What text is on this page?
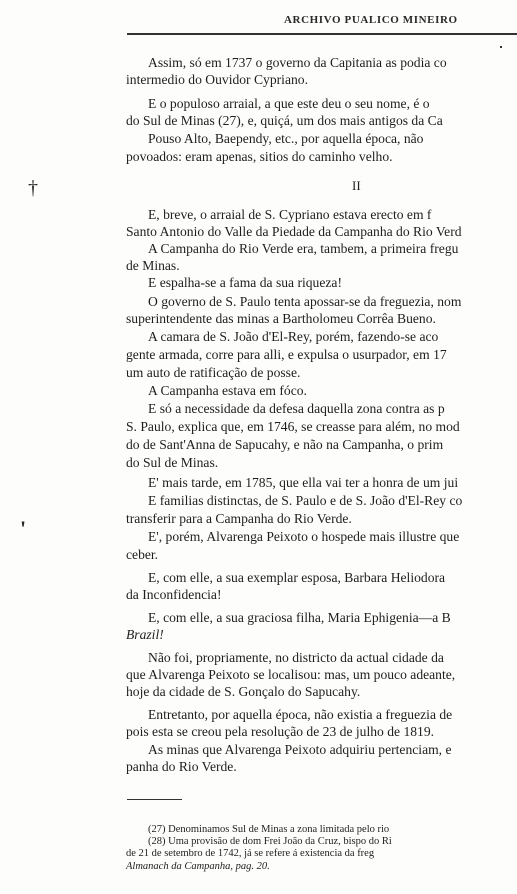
ARCHIVO PUALICO MINEIRO
†
'
Assim, só em 1737 o governo da Capitania as podia co
intermedio do Ouvidor Cypriano.
E o populoso arraial, a que este deu o seu nome, é o
do Sul de Minas (27), e, quiçá, um dos mais antigos da Ca
Pouso Alto, Baependy, etc., por aquella época, não
povoados: eram apenas, sitios do caminho velho.
II
E, breve, o arraial de S. Cypriano estava erecto em f
Santo Antonio do Valle da Piedade da Campanha do Rio Verd
A Campanha do Rio Verde era, tambem, a primeira fregu
de Minas.
E espalha-se a fama da sua riqueza!
O governo de S. Paulo tenta apossar-se da freguezia, nom
superintendente das minas a Bartholomeu Corrêa Bueno.
A camara de S. João d'El-Rey, porém, fazendo-se aco
gente armada, corre para alli, e expulsa o usurpador, em 17
um auto de ratificação de posse.
A Campanha estava em fóco.
E só a necessidade da defesa daquella zona contra as p
S. Paulo, explica que, em 1746, se creasse para além, no mod
do de Sant'Anna de Sapucahy, e não na Campanha, o prim
do Sul de Minas.
E' mais tarde, em 1785, que ella vai ter a honra de um jui
E familias distinctas, de S. Paulo e de S. João d'El-Rey co
transferir para a Campanha do Rio Verde.
E', porém, Alvarenga Peixoto o hospede mais illustre que
ceber.
E, com elle, a sua exemplar esposa, Barbara Heliodora
da Inconfidencia!
E, com elle, a sua graciosa filha, Maria Ephigenia—a B
Brazil!
Não foi, propriamente, no districto da actual cidade da
que Alvarenga Peixoto se localisou: mas, um pouco adeante,
hoje da cidade de S. Gonçalo do Sapucahy.
Entretanto, por aquella época, não existia a freguezia de
pois esta se creou pela resolução de 23 de julho de 1819.
As minas que Alvarenga Peixoto adquiriu pertenciam, e
panha do Rio Verde.
(27) Denominamos Sul de Minas a zona limitada pelo rio
(28) Uma provisão de dom Frei João da Cruz, bispo do Ri
de 21 de setembro de 1742, já se refere á existencia da freg
Almanach da Campanha, pag. 20.
